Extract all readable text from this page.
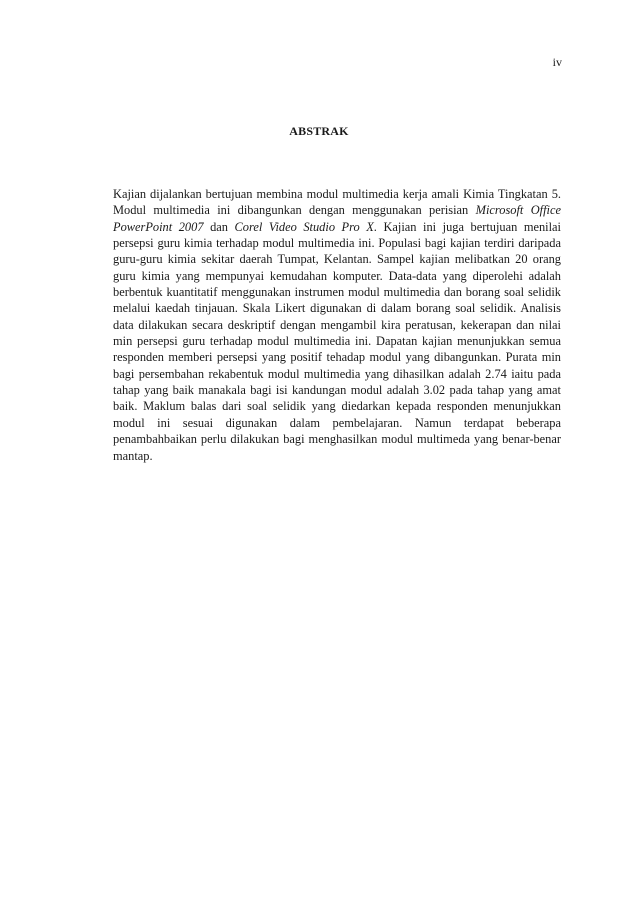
iv
ABSTRAK

Kajian dijalankan bertujuan membina modul multimedia kerja amali Kimia Tingkatan 5. Modul multimedia ini dibangunkan dengan menggunakan perisian Microsoft Office PowerPoint 2007 dan Corel Video Studio Pro X. Kajian ini juga bertujuan menilai persepsi guru kimia terhadap modul multimedia ini. Populasi bagi kajian terdiri daripada guru-guru kimia sekitar daerah Tumpat, Kelantan. Sampel kajian melibatkan 20 orang guru kimia yang mempunyai kemudahan komputer. Data-data yang diperolehi adalah berbentuk kuantitatif menggunakan instrumen modul multimedia dan borang soal selidik melalui kaedah tinjauan. Skala Likert digunakan di dalam borang soal selidik. Analisis data dilakukan secara deskriptif dengan mengambil kira peratusan, kekerapan dan nilai min persepsi guru terhadap modul multimedia ini. Dapatan kajian menunjukkan semua responden memberi persepsi yang positif tehadap modul yang dibangunkan. Purata min bagi persembahan rekabentuk modul multimedia yang dihasilkan adalah 2.74 iaitu pada tahap yang baik manakala bagi isi kandungan modul adalah 3.02 pada tahap yang amat baik. Maklum balas dari soal selidik yang diedarkan kepada responden menunjukkan modul ini sesuai digunakan dalam pembelajaran. Namun terdapat beberapa penambahbaikan perlu dilakukan bagi menghasilkan modul multimeda yang benar-benar mantap.
